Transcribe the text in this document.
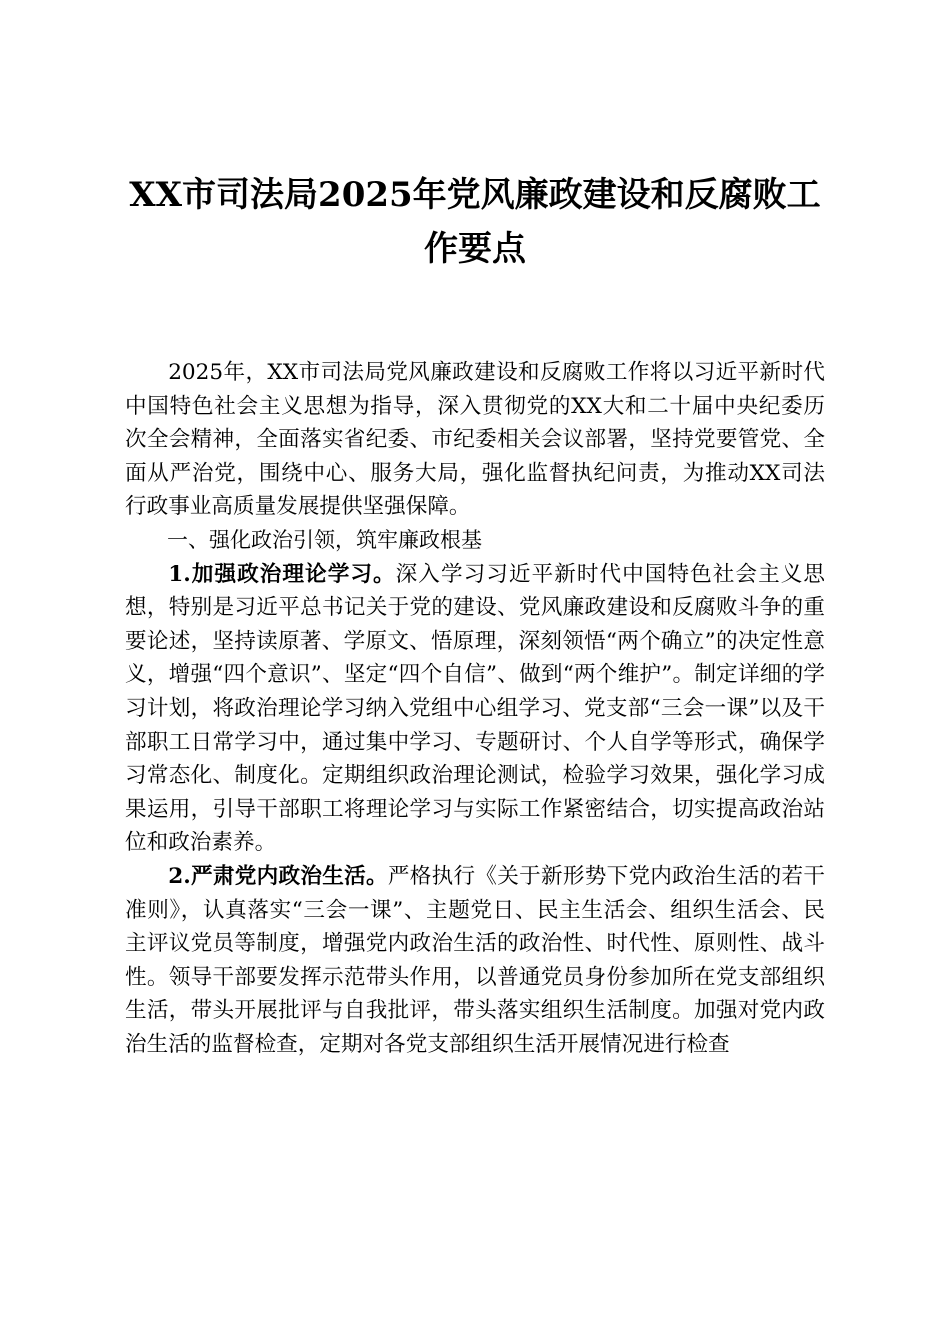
XX市司法局2025年党风廉政建设和反腐败工
作要点

2025年，XX市司法局党风廉政建设和反腐败工作将以习近平新时代中国特色社会主义思想为指导，深入贯彻党的XX大和二十届中央纪委历次全会精神，全面落实省纪委、市纪委相关会议部署，坚持党要管党、全面从严治党，围绕中心、服务大局，强化监督执纪问责，为推动XX司法行政事业高质量发展提供坚强保障。

一、强化政治引领，筑牢廉政根基

1.加强政治理论学习。深入学习习近平新时代中国特色社会主义思想，特别是习近平总书记关于党的建设、党风廉政建设和反腐败斗争的重要论述，坚持读原著、学原文、悟原理，深刻领悟“两个确立”的决定性意义，增强“四个意识”、坚定“四个自信”、做到“两个维护”。制定详细的学习计划，将政治理论学习纳入党组中心组学习、党支部“三会一课”以及干部职工日常学习中，通过集中学习、专题研讨、个人自学等形式，确保学习常态化、制度化。定期组织政治理论测试，检验学习效果，强化学习成果运用，引导干部职工将理论学习与实际工作紧密结合，切实提高政治站位和政治素养。

2.严肃党内政治生活。严格执行《关于新形势下党内政治生活的若干准则》，认真落实“三会一课”、主题党日、民主生活会、组织生活会、民主评议党员等制度，增强党内政治生活的政治性、时代性、原则性、战斗性。领导干部要发挥示范带头作用，以普通党员身份参加所在党支部组织生活，带头开展批评与自我批评，带头落实组织生活制度。加强对党内政治生活的监督检查，定期对各党支部组织生活开展情况进行检查
